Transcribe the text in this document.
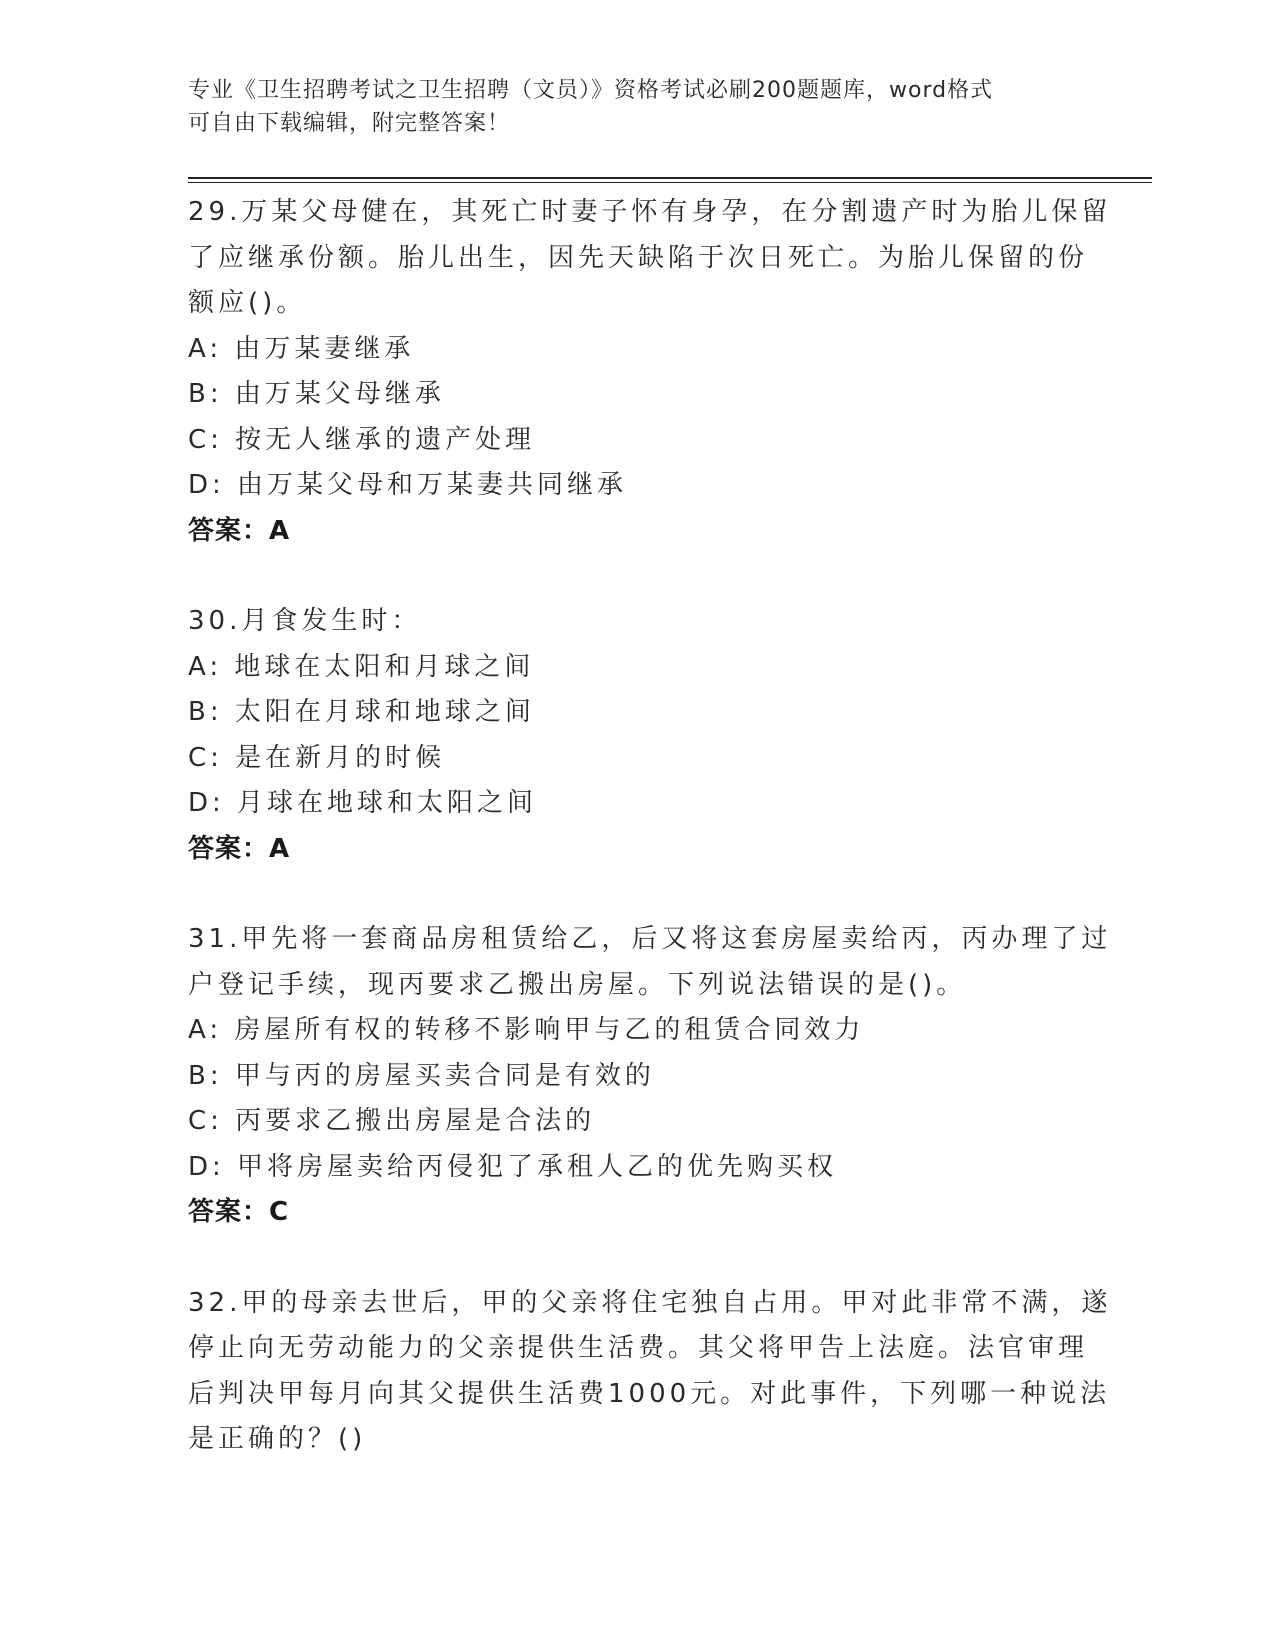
专业《卫生招聘考试之卫生招聘（文员）》资格考试必刷200题题库，word格式
可自由下载编辑，附完整答案！
29.万某父母健在，其死亡时妻子怀有身孕，在分割遗产时为胎儿保留
了应继承份额。胎儿出生，因先天缺陷于次日死亡。为胎儿保留的份
额应()。
A: 由万某妻继承
B: 由万某父母继承
C: 按无人继承的遗产处理
D: 由万某父母和万某妻共同继承
答案：A
30.月食发生时：
A: 地球在太阳和月球之间
B: 太阳在月球和地球之间
C: 是在新月的时候
D: 月球在地球和太阳之间
答案：A
31.甲先将一套商品房租赁给乙，后又将这套房屋卖给丙，丙办理了过
户登记手续，现丙要求乙搬出房屋。下列说法错误的是()。
A: 房屋所有权的转移不影响甲与乙的租赁合同效力
B: 甲与丙的房屋买卖合同是有效的
C: 丙要求乙搬出房屋是合法的
D: 甲将房屋卖给丙侵犯了承租人乙的优先购买权
答案：C
32.甲的母亲去世后，甲的父亲将住宅独自占用。甲对此非常不满，遂
停止向无劳动能力的父亲提供生活费。其父将甲告上法庭。法官审理
后判决甲每月向其父提供生活费1000元。对此事件，下列哪一种说法
是正确的？()
